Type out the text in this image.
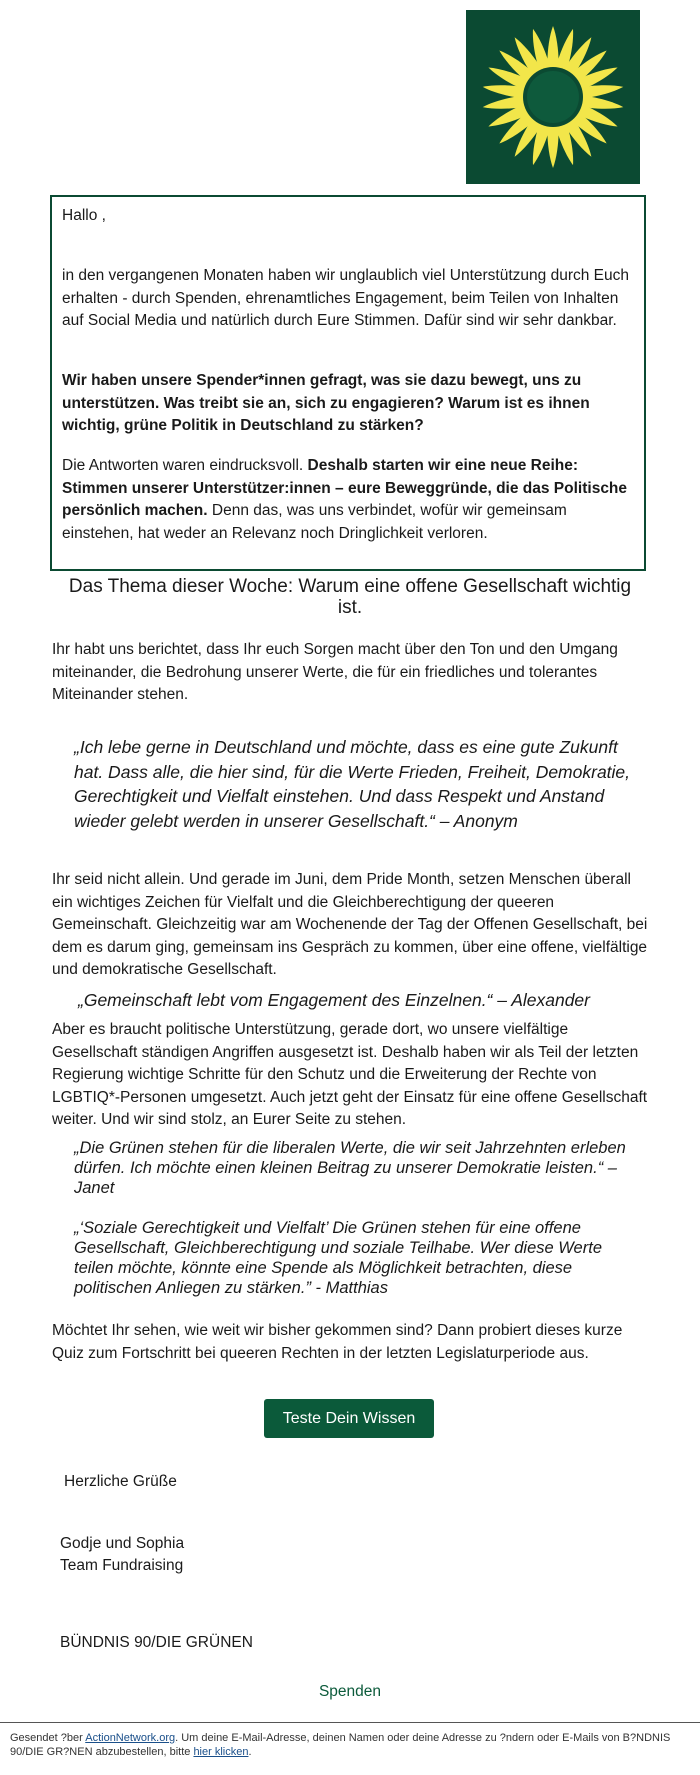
Hallo ,
in den vergangenen Monaten haben wir unglaublich viel Unterstützung durch Euch erhalten - durch Spenden, ehrenamtliches Engagement, beim Teilen von Inhalten auf Social Media und natürlich durch Eure Stimmen. Dafür sind wir sehr dankbar.
Wir haben unsere Spender*innen gefragt, was sie dazu bewegt, uns zu unterstützen. Was treibt sie an, sich zu engagieren? Warum ist es ihnen wichtig, grüne Politik in Deutschland zu stärken?
Die Antworten waren eindrucksvoll. Deshalb starten wir eine neue Reihe: Stimmen unserer Unterstützer:innen – eure Beweggründe, die das Politische persönlich machen. Denn das, was uns verbindet, wofür wir gemeinsam einstehen, hat weder an Relevanz noch Dringlichkeit verloren.
Das Thema dieser Woche: Warum eine offene Gesellschaft wichtig ist.
Ihr habt uns berichtet, dass Ihr euch Sorgen macht über den Ton und den Umgang miteinander, die Bedrohung unserer Werte, die für ein friedliches und tolerantes Miteinander stehen.
„Ich lebe gerne in Deutschland und möchte, dass es eine gute Zukunft hat. Dass alle, die hier sind, für die Werte Frieden, Freiheit, Demokratie, Gerechtigkeit und Vielfalt einstehen. Und dass Respekt und Anstand wieder gelebt werden in unserer Gesellschaft.“ – Anonym
Ihr seid nicht allein. Und gerade im Juni, dem Pride Month, setzen Menschen überall ein wichtiges Zeichen für Vielfalt und die Gleichberechtigung der queeren Gemeinschaft. Gleichzeitig war am Wochenende der Tag der Offenen Gesellschaft, bei dem es darum ging, gemeinsam ins Gespräch zu kommen, über eine offene, vielfältige und demokratische Gesellschaft.
„Gemeinschaft lebt vom Engagement des Einzelnen.“ – Alexander
Aber es braucht politische Unterstützung, gerade dort, wo unsere vielfältige Gesellschaft ständigen Angriffen ausgesetzt ist. Deshalb haben wir als Teil der letzten Regierung wichtige Schritte für den Schutz und die Erweiterung der Rechte von LGBTIQ*-Personen umgesetzt. Auch jetzt geht der Einsatz für eine offene Gesellschaft weiter. Und wir sind stolz, an Eurer Seite zu stehen.
„Die Grünen stehen für die liberalen Werte, die wir seit Jahrzehnten erleben dürfen. Ich möchte einen kleinen Beitrag zu unserer Demokratie leisten.“ – Janet
„‘Soziale Gerechtigkeit und Vielfalt’ Die Grünen stehen für eine offene Gesellschaft, Gleichberechtigung und soziale Teilhabe. Wer diese Werte teilen möchte, könnte eine Spende als Möglichkeit betrachten, diese politischen Anliegen zu stärken.” - Matthias
Möchtet Ihr sehen, wie weit wir bisher gekommen sind? Dann probiert dieses kurze Quiz zum Fortschritt bei queeren Rechten in der letzten Legislaturperiode aus.
Teste Dein Wissen
Herzliche Grüße
Godje und Sophia
Team Fundraising
BÜNDNIS 90/DIE GRÜNEN
Spenden
Gesendet ?ber ActionNetwork.org. Um deine E-Mail-Adresse, deinen Namen oder deine Adresse zu ?ndern oder E-Mails von B?NDNIS 90/DIE GR?NEN abzubestellen, bitte hier klicken.
